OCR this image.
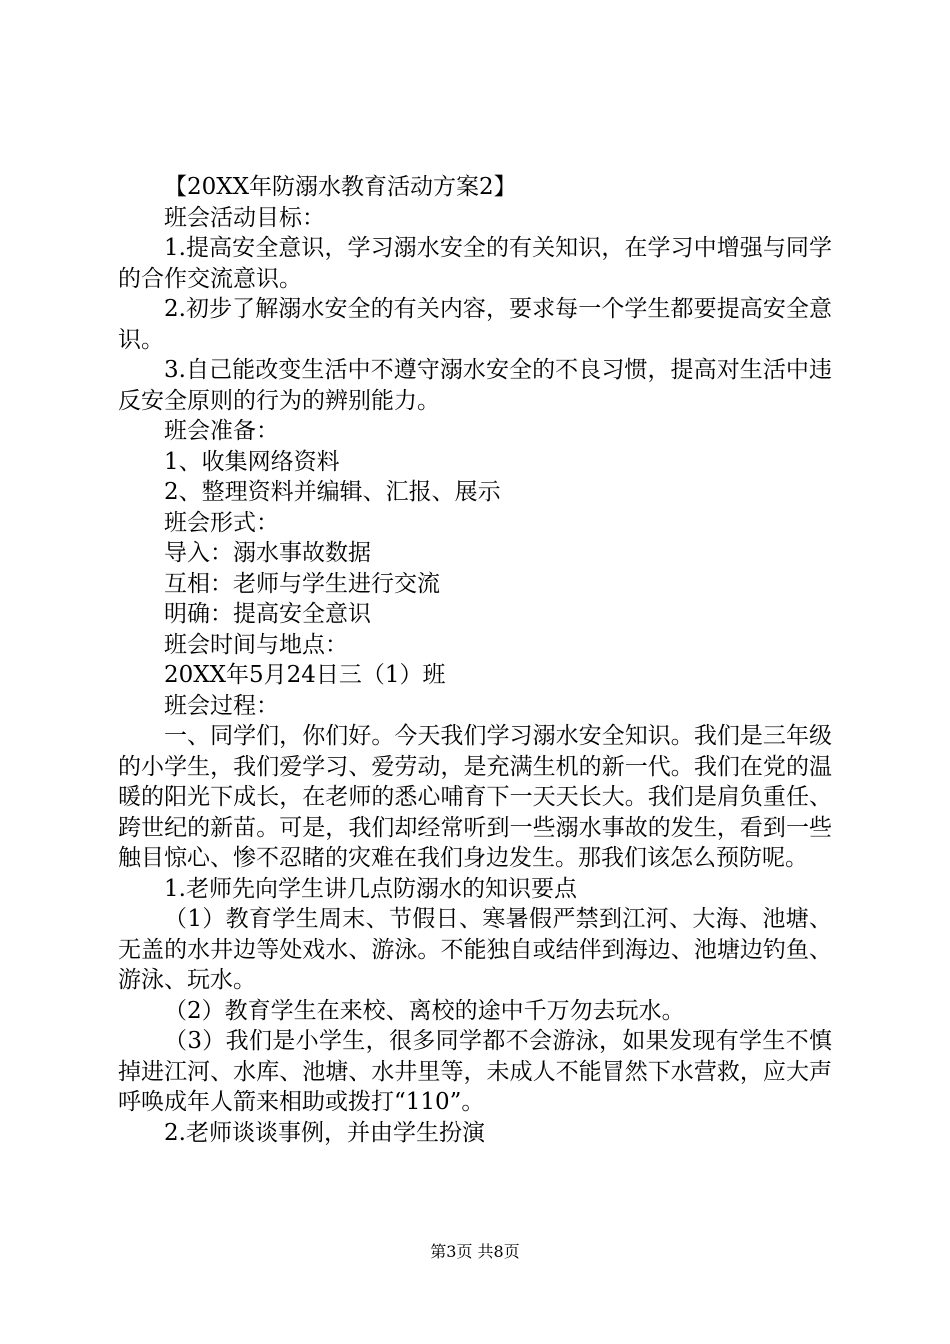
【20XX年防溺水教育活动方案2】

班会活动目标：

1.提高安全意识，学习溺水安全的有关知识，在学习中增强与同学的合作交流意识。

2.初步了解溺水安全的有关内容，要求每一个学生都要提高安全意识。

3.自己能改变生活中不遵守溺水安全的不良习惯，提高对生活中违反安全原则的行为的辨别能力。

班会准备：

1、收集网络资料

2、整理资料并编辑、汇报、展示

班会形式：

导入：溺水事故数据

互相：老师与学生进行交流

明确：提高安全意识

班会时间与地点：

20XX年5月24日三（1）班

班会过程：

一、同学们，你们好。今天我们学习溺水安全知识。我们是三年级的小学生，我们爱学习、爱劳动，是充满生机的新一代。我们在党的温暖的阳光下成长，在老师的悉心哺育下一天天长大。我们是肩负重任、跨世纪的新苗。可是，我们却经常听到一些溺水事故的发生，看到一些触目惊心、惨不忍睹的灾难在我们身边发生。那我们该怎么预防呢。

1.老师先向学生讲几点防溺水的知识要点

（1）教育学生周末、节假日、寒暑假严禁到江河、大海、池塘、无盖的水井边等处戏水、游泳。不能独自或结伴到海边、池塘边钓鱼、游泳、玩水。

（2）教育学生在来校、离校的途中千万勿去玩水。

（3）我们是小学生，很多同学都不会游泳，如果发现有学生不慎掉进江河、水库、池塘、水井里等，未成人不能冒然下水营救，应大声呼唤成年人箭来相助或拨打“110”。

2.老师谈谈事例，并由学生扮演

第3页 共8页
